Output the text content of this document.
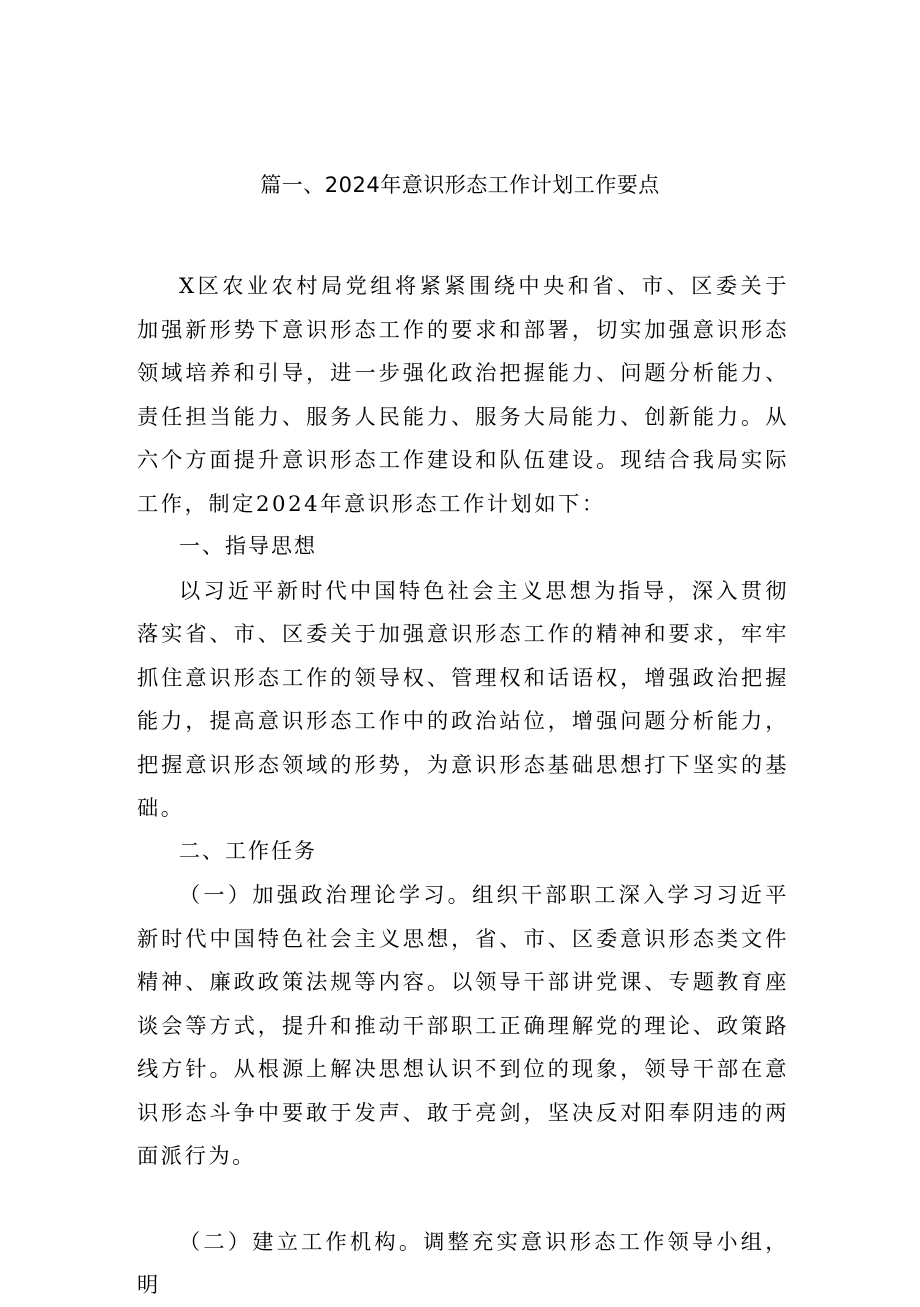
篇一、2024年意识形态工作计划工作要点

X区农业农村局党组将紧紧围绕中央和省、市、区委关于加强新形势下意识形态工作的要求和部署，切实加强意识形态领域培养和引导，进一步强化政治把握能力、问题分析能力、责任担当能力、服务人民能力、服务大局能力、创新能力。从六个方面提升意识形态工作建设和队伍建设。现结合我局实际工作，制定2024年意识形态工作计划如下：

一、指导思想

以习近平新时代中国特色社会主义思想为指导，深入贯彻落实省、市、区委关于加强意识形态工作的精神和要求，牢牢抓住意识形态工作的领导权、管理权和话语权，增强政治把握能力，提高意识形态工作中的政治站位，增强问题分析能力，把握意识形态领域的形势，为意识形态基础思想打下坚实的基础。

二、工作任务

（一）加强政治理论学习。组织干部职工深入学习习近平新时代中国特色社会主义思想，省、市、区委意识形态类文件精神、廉政政策法规等内容。以领导干部讲党课、专题教育座谈会等方式，提升和推动干部职工正确理解党的理论、政策路线方针。从根源上解决思想认识不到位的现象，领导干部在意识形态斗争中要敢于发声、敢于亮剑，坚决反对阳奉阴违的两面派行为。

（二）建立工作机构。调整充实意识形态工作领导小组，明
